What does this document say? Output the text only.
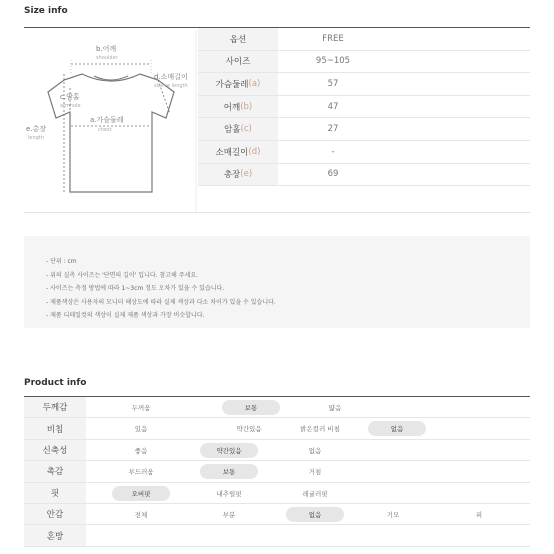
Size info
b.어깨
shoulder
d.소매길이
sleeve length
c.암홀
armhole
a.가슴둘레
chest
e.총장
length
옵션	FREE
사이즈	95~105
가슴둘레 (a)	57
어깨 (b)	47
암홀 (c)	27
소매길이 (d)	-
총장 (e)	69
- 단위 : cm
- 위의 실측 사이즈는 '단면의 길이' 입니다. 참고해 주세요.
- 사이즈는 측정 방법에 따라 1~3cm 정도 오차가 있을 수 있습니다.
- 제품색상은 사용자의 모니터 해상도에 따라 실제 색상과 다소 차이가 있을 수 있습니다.
- 제품 디테일컷의 색상이 실제 제품 색상과 가장 비슷합니다.
Product info
두께감	두꺼움	보통	얇음
비침	있음	약간있음	밝은컬러 비침	없음
신축성	좋음	약간있음	없음
촉감	부드러움	보통	거침
핏	오버핏	내추럴핏	레귤러핏
안감	전체	부분	없음	기모	피
혼방
